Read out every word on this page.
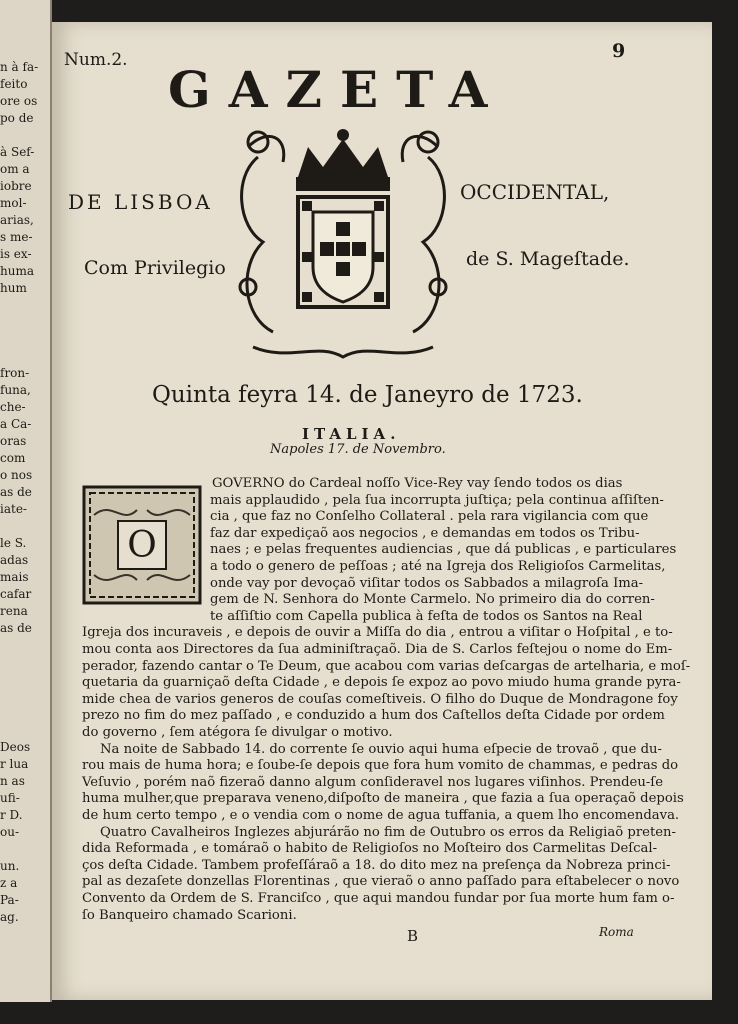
n à fa-
feito
ore os
po de
à Sef-
om a
iobre
mol-
arias,
s me-
is ex-
huma
hum
fron-
funa,
che-
a Ca-
oras
com
o nos
as de
iate-
le S.
adas
mais
cafar
rena
as de
Deos
r lua
n as
ufi-
r D.
ou-
un.
z a
Pa-
ag.
Num.2.	9
GAZETA
DE LISBOA	OCCIDENTAL,
Com Privilegio	de S. Mageſtade.
Quinta feyra 14. de Janeyro de 1723.
ITALIA.
Napoles 17. de Novembro.
O
GOVERNO do Cardeal noſſo Vice-Rey vay ſendo todos os dias
mais applaudido , pela ſua incorrupta juſtiça; pela continua aſſiſten-
cia , que faz no Conſelho Collateral . pela rara vigilancia com que
faz dar expediçaõ aos negocios , e demandas em todos os Tribu-
naes ; e pelas frequentes audiencias , que dá publicas , e particulares
a todo o genero de peſſoas ; até na Igreja dos Religioſos Carmelitas,
onde vay por devoçaõ viſitar todos os Sabbados a milagroſa Ima-
gem de N. Senhora do Monte Carmelo. No primeiro dia do corren-
te aſſiſtio com Capella publica à feſta de todos os Santos na Real
Igreja dos incuraveis , e depois de ouvir a Miſſa do dia , entrou a viſitar o Hoſpital , e to-
mou conta aos Directores da ſua adminiſtraçaõ. Dia de S. Carlos feſtejou o nome do Em-
perador, fazendo cantar o Te Deum, que acabou com varias deſcargas de artelharia, e moſ-
quetaria da guarniçaõ deſta Cidade , e depois ſe expoz ao povo miudo huma grande pyra-
mide chea de varios generos de couſas comeſtiveis. O filho do Duque de Mondragone foy
prezo no fim do mez paſſado , e conduzido a hum dos Caſtellos deſta Cidade por ordem
do governo , ſem atégora ſe divulgar o motivo.
Na noite de Sabbado 14. do corrente ſe ouvio aqui huma eſpecie de trovaõ , que du-
rou mais de huma hora; e ſoube-ſe depois que fora hum vomito de chammas, e pedras do
Veſuvio , porém naõ fizeraõ danno algum conſideravel nos lugares viſinhos. Prendeu-ſe
huma mulher,que preparava veneno,diſpoſto de maneira , que fazia a ſua operaçaõ depois
de hum certo tempo , e o vendia com o nome de agua tuffania, a quem lho encomendava.
Quatro Cavalheiros Inglezes abjurárão no fim de Outubro os erros da Religiaõ preten-
dida Reformada , e tomáraõ o habito de Religioſos no Moſteiro dos Carmelitas Deſcal-
ços deſta Cidade. Tambem profeſſáraõ a 18. do dito mez na preſença da Nobreza princi-
pal as dezaſete donzellas Florentinas , que vieraõ o anno paſſado para eſtabelecer o novo
Convento da Ordem de S. Franciſco , que aqui mandou fundar por ſua morte hum fam o-
ſo Banqueiro chamado Scarioni.
B	Roma
